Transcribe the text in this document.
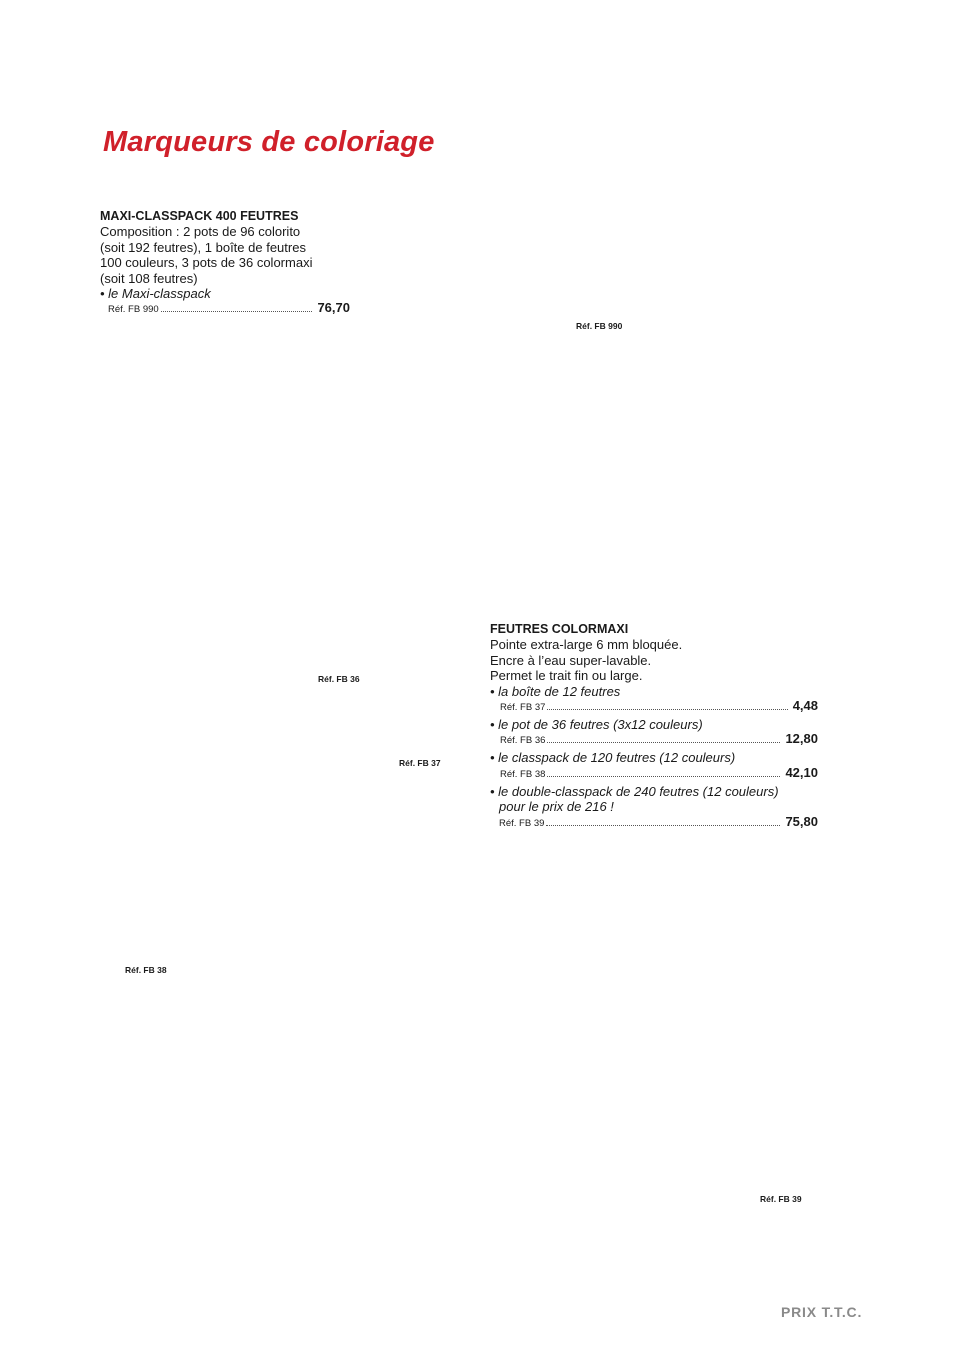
Marqueurs de coloriage
MAXI-CLASSPACK 400 FEUTRES
Composition : 2 pots de 96 colorito
(soit 192 feutres), 1 boîte de feutres
100 couleurs, 3 pots de 36 colormaxi
(soit 108 feutres)
• le Maxi-classpack
Réf. FB 990	76,70
FEUTRES COLORMAXI
Pointe extra-large 6 mm bloquée.
Encre à l’eau super-lavable.
Permet le trait fin ou large.
• la boîte de 12 feutres
Réf. FB 37	4,48
• le pot de 36 feutres (3x12 couleurs)
Réf. FB 36	12,80
• le classpack de 120 feutres (12 couleurs)
Réf. FB 38	42,10
• le double-classpack de 240 feutres (12 couleurs)
pour le prix de 216 !
Réf. FB 39	75,80
Réf. FB 990
Réf. FB 36
Réf. FB 37
Réf. FB 38
Réf. FB 39
PRIX T.T.C.
